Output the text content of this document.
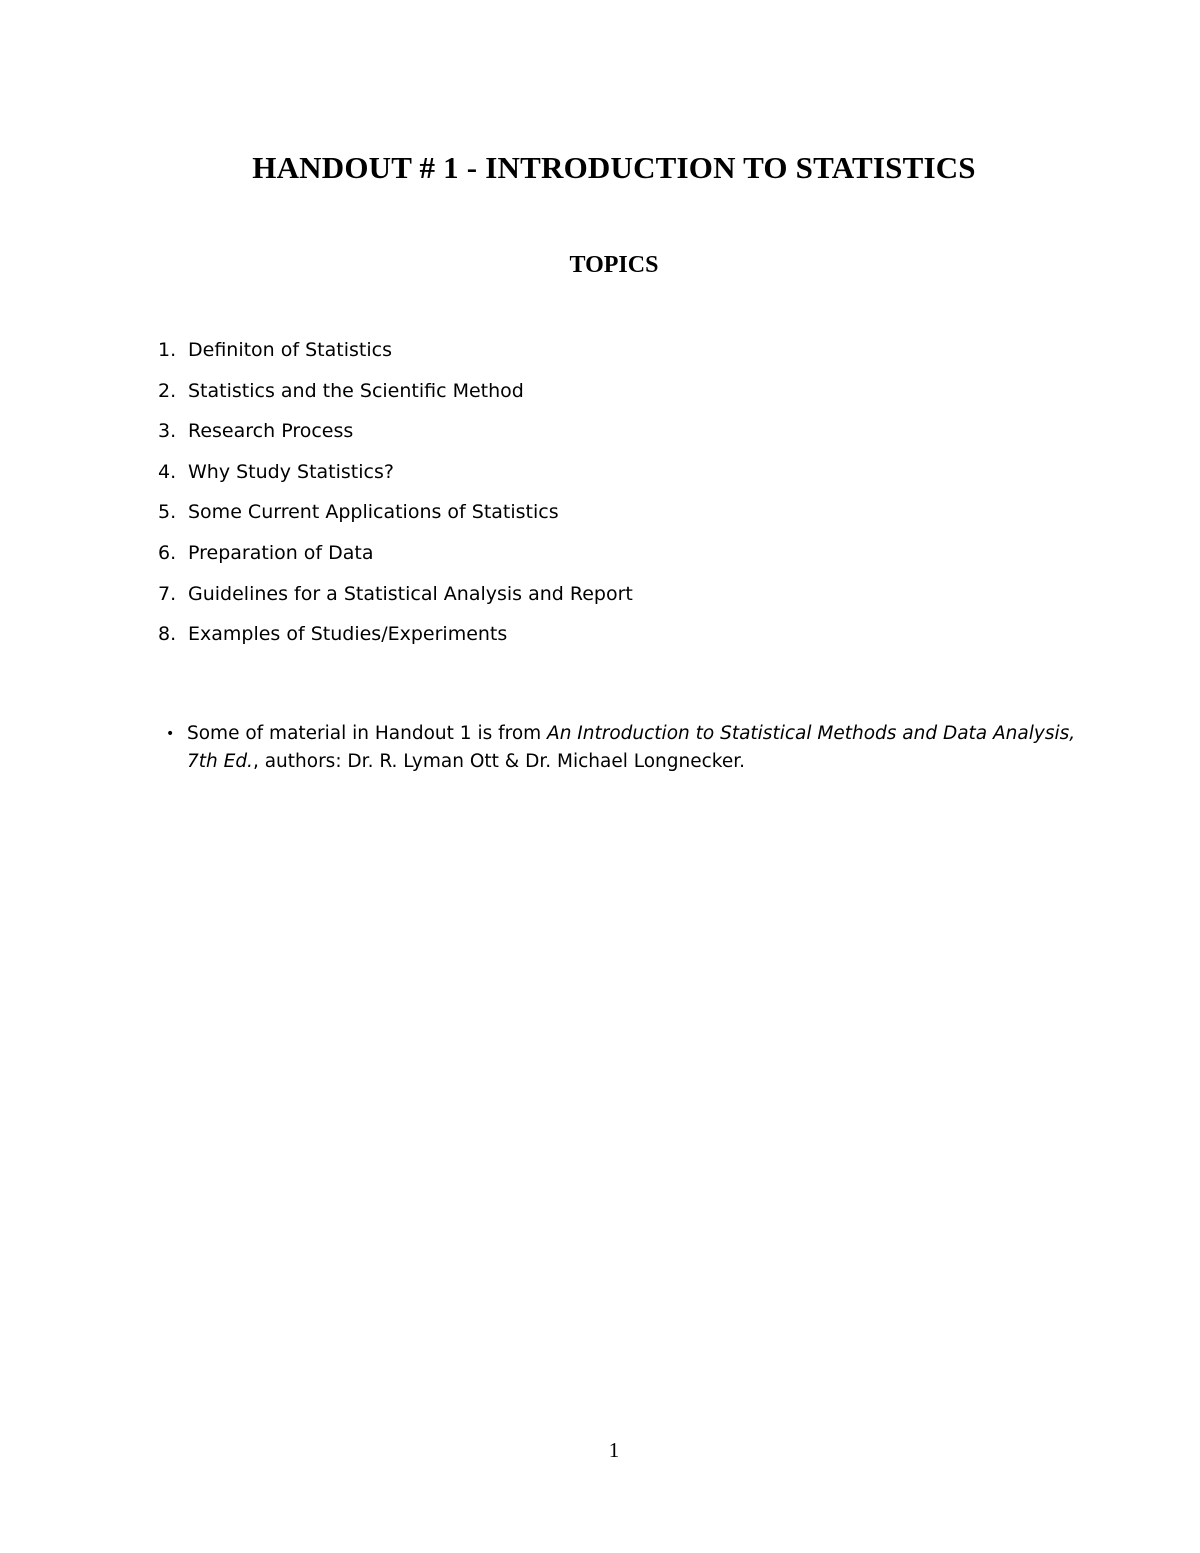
HANDOUT # 1 - INTRODUCTION TO STATISTICS
TOPICS
1. Definiton of Statistics
2. Statistics and the Scientific Method
3. Research Process
4. Why Study Statistics?
5. Some Current Applications of Statistics
6. Preparation of Data
7. Guidelines for a Statistical Analysis and Report
8. Examples of Studies/Experiments
• Some of material in Handout 1 is from An Introduction to Statistical Methods and Data Analysis, 7th Ed., authors: Dr. R. Lyman Ott & Dr. Michael Longnecker.
1
